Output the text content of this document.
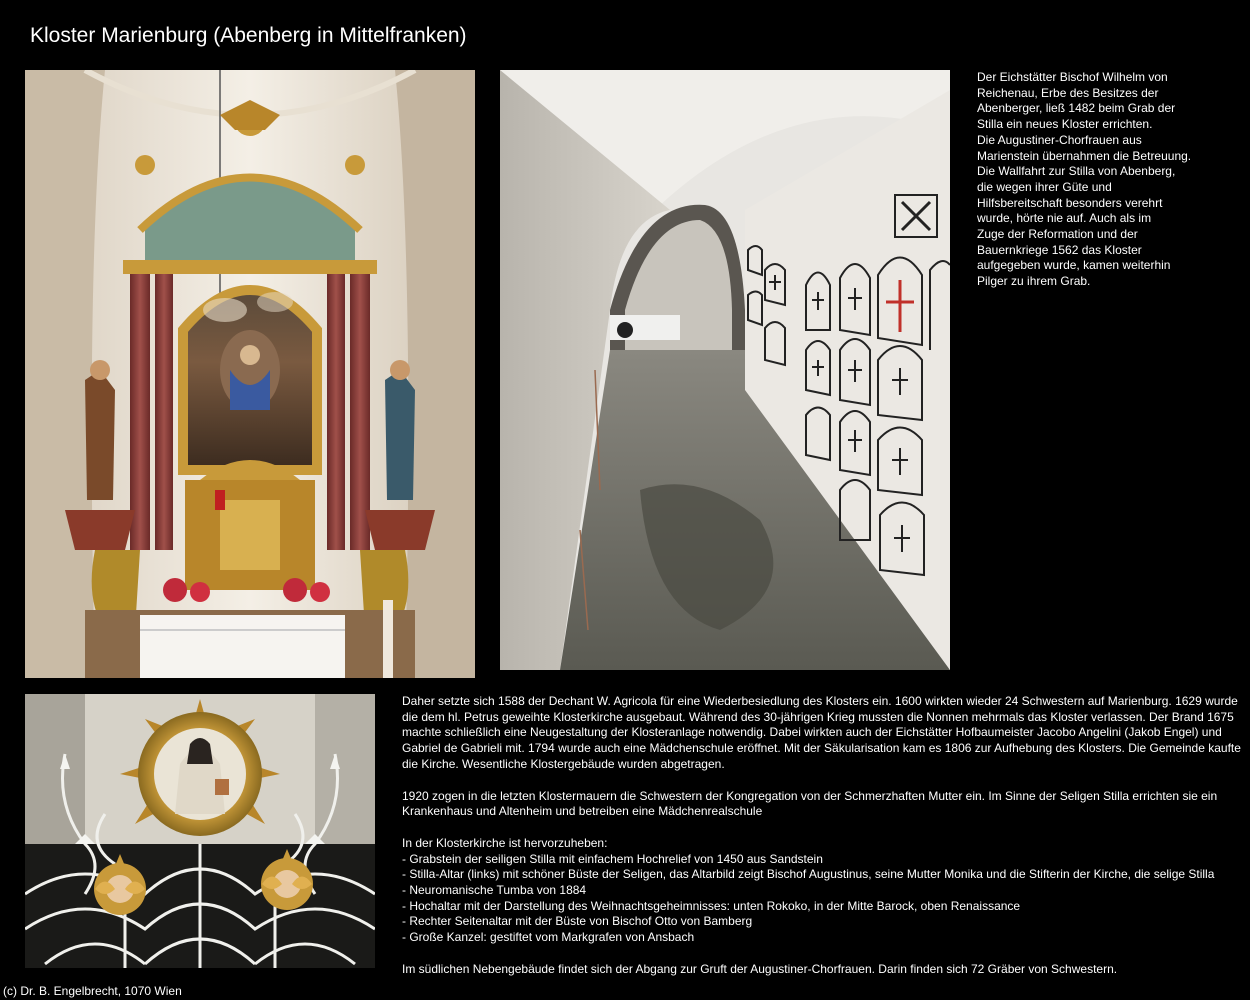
Kloster Marienburg (Abenberg in Mittelfranken)
Der Eichstätter Bischof Wilhelm von
Reichenau, Erbe des Besitzes der
Abenberger, ließ 1482 beim Grab der
Stilla ein neues Kloster errichten.
Die Augustiner-Chorfrauen aus
Marienstein übernahmen die Betreuung.
Die Wallfahrt zur Stilla von Abenberg,
die wegen ihrer Güte und
Hilfsbereitschaft besonders verehrt
wurde, hörte nie auf. Auch als im
Zuge der Reformation und der
Bauernkriege 1562 das Kloster
aufgegeben wurde, kamen weiterhin
Pilger zu ihrem Grab.

Daher setzte sich 1588 der Dechant W. Agricola für eine Wiederbesiedlung des Klosters ein. 1600 wirkten wieder 24 Schwestern auf Marienburg. 1629 wurde die dem hl. Petrus geweihte Klosterkirche ausgebaut. Während des 30-jährigen Krieg mussten die Nonnen mehrmals das Kloster verlassen. Der Brand 1675 machte schließlich eine Neugestaltung der Klosteranlage notwendig. Dabei wirkten auch der Eichstätter Hofbaumeister Jacobo Angelini (Jakob Engel) und Gabriel de Gabrieli mit. 1794 wurde auch eine Mädchenschule eröffnet. Mit der Säkularisation kam es 1806 zur Aufhebung des Klosters. Die Gemeinde kaufte die Kirche. Wesentliche Klostergebäude wurden abgetragen.

1920 zogen in die letzten Klostermauern die Schwestern der Kongregation von der Schmerzhaften Mutter ein. Im Sinne der Seligen Stilla errichten sie ein Krankenhaus und Altenheim und betreiben eine Mädchenrealschule

In der Klosterkirche ist hervorzuheben:
- Grabstein der seiligen Stilla mit einfachem Hochrelief von 1450 aus Sandstein
- Stilla-Altar (links) mit schöner Büste der Seligen, das Altarbild zeigt Bischof Augustinus, seine Mutter Monika und die Stifterin der Kirche, die selige Stilla
- Neuromanische Tumba von 1884
- Hochaltar mit der Darstellung des Weihnachtsgeheimnisses: unten Rokoko, in der Mitte Barock, oben Renaissance
- Rechter Seitenaltar mit der Büste von Bischof Otto von Bamberg
- Große Kanzel: gestiftet vom Markgrafen von Ansbach

Im südlichen Nebengebäude findet sich der Abgang zur Gruft der Augustiner-Chorfrauen. Darin finden sich 72 Gräber von Schwestern.

(c) Dr. B. Engelbrecht, 1070 Wien
